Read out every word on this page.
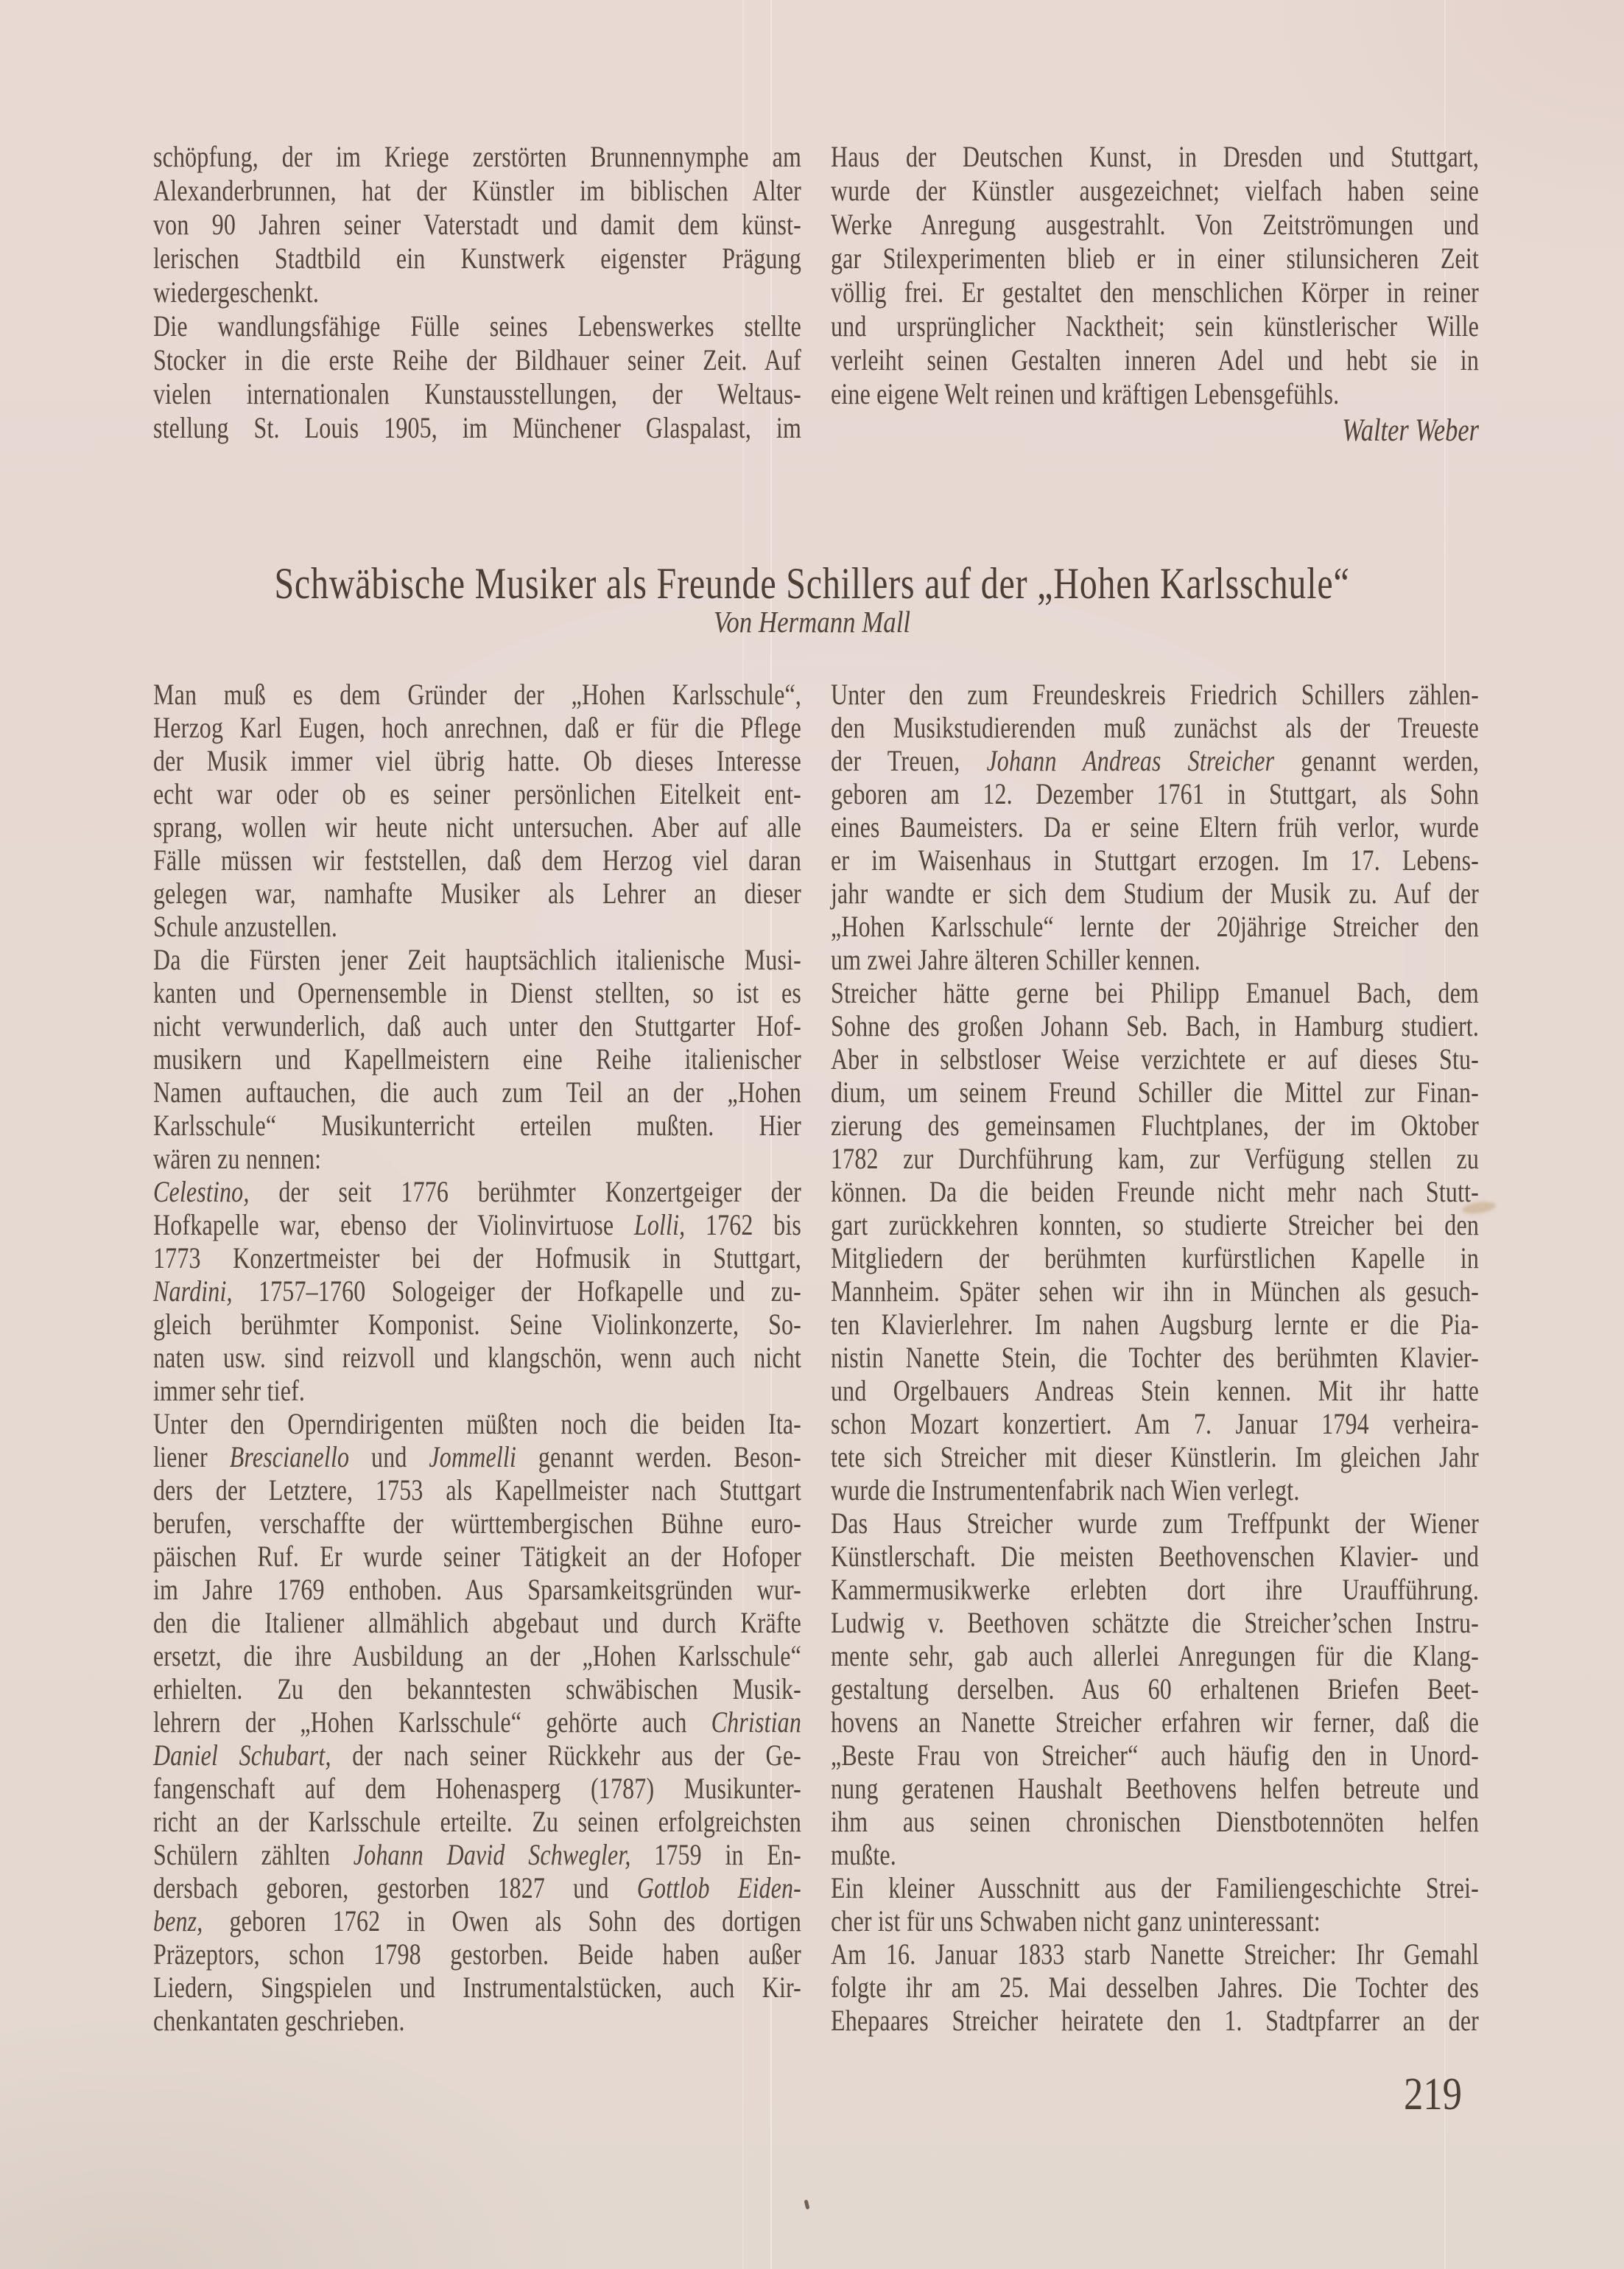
schöpfung, der im Kriege zerstörten Brunnennymphe am
Alexanderbrunnen, hat der Künstler im biblischen Alter
von 90 Jahren seiner Vaterstadt und damit dem künst-
lerischen Stadtbild ein Kunstwerk eigenster Prägung
wiedergeschenkt.
Die wandlungsfähige Fülle seines Lebenswerkes stellte
Stocker in die erste Reihe der Bildhauer seiner Zeit. Auf
vielen internationalen Kunstausstellungen, der Weltaus-
stellung St. Louis 1905, im Münchener Glaspalast, im
Haus der Deutschen Kunst, in Dresden und Stuttgart,
wurde der Künstler ausgezeichnet; vielfach haben seine
Werke Anregung ausgestrahlt. Von Zeitströmungen und
gar Stilexperimenten blieb er in einer stilunsicheren Zeit
völlig frei. Er gestaltet den menschlichen Körper in reiner
und ursprünglicher Nacktheit; sein künstlerischer Wille
verleiht seinen Gestalten inneren Adel und hebt sie in
eine eigene Welt reinen und kräftigen Lebensgefühls.
Walter Weber
Schwäbische Musiker als Freunde Schillers auf der „Hohen Karlsschule“
Von Hermann Mall
Man muß es dem Gründer der „Hohen Karlsschule“,
Herzog Karl Eugen, hoch anrechnen, daß er für die Pflege
der Musik immer viel übrig hatte. Ob dieses Interesse
echt war oder ob es seiner persönlichen Eitelkeit ent-
sprang, wollen wir heute nicht untersuchen. Aber auf alle
Fälle müssen wir feststellen, daß dem Herzog viel daran
gelegen war, namhafte Musiker als Lehrer an dieser
Schule anzustellen.
Da die Fürsten jener Zeit hauptsächlich italienische Musi-
kanten und Opernensemble in Dienst stellten, so ist es
nicht verwunderlich, daß auch unter den Stuttgarter Hof-
musikern und Kapellmeistern eine Reihe italienischer
Namen auftauchen, die auch zum Teil an der „Hohen
Karlsschule“ Musikunterricht erteilen mußten. Hier
wären zu nennen:
Celestino, der seit 1776 berühmter Konzertgeiger der
Hofkapelle war, ebenso der Violinvirtuose Lolli, 1762 bis
1773 Konzertmeister bei der Hofmusik in Stuttgart,
Nardini, 1757–1760 Sologeiger der Hofkapelle und zu-
gleich berühmter Komponist. Seine Violinkonzerte, So-
naten usw. sind reizvoll und klangschön, wenn auch nicht
immer sehr tief.
Unter den Operndirigenten müßten noch die beiden Ita-
liener Brescianello und Jommelli genannt werden. Beson-
ders der Letztere, 1753 als Kapellmeister nach Stuttgart
berufen, verschaffte der württembergischen Bühne euro-
päischen Ruf. Er wurde seiner Tätigkeit an der Hofoper
im Jahre 1769 enthoben. Aus Sparsamkeitsgründen wur-
den die Italiener allmählich abgebaut und durch Kräfte
ersetzt, die ihre Ausbildung an der „Hohen Karlsschule“
erhielten. Zu den bekanntesten schwäbischen Musik-
lehrern der „Hohen Karlsschule“ gehörte auch Christian
Daniel Schubart, der nach seiner Rückkehr aus der Ge-
fangenschaft auf dem Hohenasperg (1787) Musikunter-
richt an der Karlsschule erteilte. Zu seinen erfolgreichsten
Schülern zählten Johann David Schwegler, 1759 in En-
dersbach geboren, gestorben 1827 und Gottlob Eiden-
benz, geboren 1762 in Owen als Sohn des dortigen
Präzeptors, schon 1798 gestorben. Beide haben außer
Liedern, Singspielen und Instrumentalstücken, auch Kir-
chenkantaten geschrieben.
Unter den zum Freundeskreis Friedrich Schillers zählen-
den Musikstudierenden muß zunächst als der Treueste
der Treuen, Johann Andreas Streicher genannt werden,
geboren am 12. Dezember 1761 in Stuttgart, als Sohn
eines Baumeisters. Da er seine Eltern früh verlor, wurde
er im Waisenhaus in Stuttgart erzogen. Im 17. Lebens-
jahr wandte er sich dem Studium der Musik zu. Auf der
„Hohen Karlsschule“ lernte der 20jährige Streicher den
um zwei Jahre älteren Schiller kennen.
Streicher hätte gerne bei Philipp Emanuel Bach, dem
Sohne des großen Johann Seb. Bach, in Hamburg studiert.
Aber in selbstloser Weise verzichtete er auf dieses Stu-
dium, um seinem Freund Schiller die Mittel zur Finan-
zierung des gemeinsamen Fluchtplanes, der im Oktober
1782 zur Durchführung kam, zur Verfügung stellen zu
können. Da die beiden Freunde nicht mehr nach Stutt-
gart zurückkehren konnten, so studierte Streicher bei den
Mitgliedern der berühmten kurfürstlichen Kapelle in
Mannheim. Später sehen wir ihn in München als gesuch-
ten Klavierlehrer. Im nahen Augsburg lernte er die Pia-
nistin Nanette Stein, die Tochter des berühmten Klavier-
und Orgelbauers Andreas Stein kennen. Mit ihr hatte
schon Mozart konzertiert. Am 7. Januar 1794 verheira-
tete sich Streicher mit dieser Künstlerin. Im gleichen Jahr
wurde die Instrumentenfabrik nach Wien verlegt.
Das Haus Streicher wurde zum Treffpunkt der Wiener
Künstlerschaft. Die meisten Beethovenschen Klavier- und
Kammermusikwerke erlebten dort ihre Uraufführung.
Ludwig v. Beethoven schätzte die Streicher’schen Instru-
mente sehr, gab auch allerlei Anregungen für die Klang-
gestaltung derselben. Aus 60 erhaltenen Briefen Beet-
hovens an Nanette Streicher erfahren wir ferner, daß die
„Beste Frau von Streicher“ auch häufig den in Unord-
nung geratenen Haushalt Beethovens helfen betreute und
ihm aus seinen chronischen Dienstbotennöten helfen
mußte.
Ein kleiner Ausschnitt aus der Familiengeschichte Strei-
cher ist für uns Schwaben nicht ganz uninteressant:
Am 16. Januar 1833 starb Nanette Streicher: Ihr Gemahl
folgte ihr am 25. Mai desselben Jahres. Die Tochter des
Ehepaares Streicher heiratete den 1. Stadtpfarrer an der
219
